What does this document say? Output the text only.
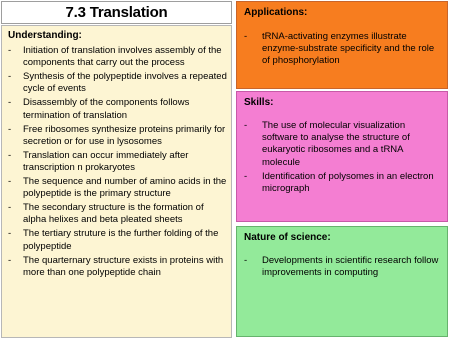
7.3 Translation
Understanding:
- Initiation of translation involves assembly of the components that carry out the process
- Synthesis of the polypeptide involves a repeated cycle of events
- Disassembly of the components follows termination of translation
- Free ribosomes synthesize proteins primarily for secretion or for use in lysosomes
- Translation can occur immediately after transcription n prokaryotes
- The sequence and number of amino acids in the polypeptide is the primary structure
- The secondary structure is the formation of alpha helixes and beta pleated sheets
- The tertiary struture is the further folding of the polypeptide
- The quarternary structure exists in proteins with more than one polypeptide chain
Applications:
- tRNA-activating enzymes illustrate enzyme-substrate specificity and the role of phosphorylation
Skills:
- The use of molecular visualization software to analyse the structure of eukaryotic ribosomes and a tRNA molecule
- Identification of polysomes in an electron micrograph
Nature of science:
- Developments in scientific research follow improvements in computing
